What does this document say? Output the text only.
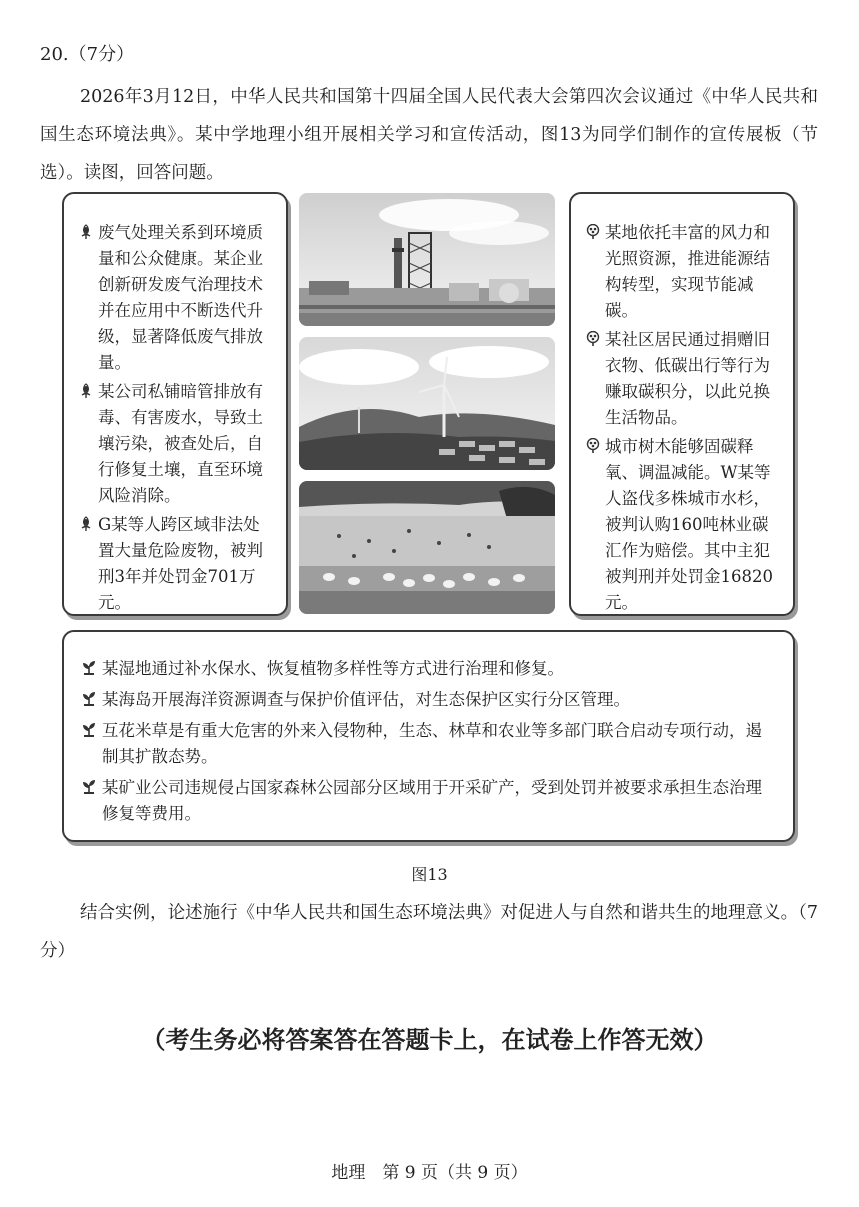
20.（7分）
2026年3月12日，中华人民共和国第十四届全国人民代表大会第四次会议通过《中华人民共和国生态环境法典》。某中学地理小组开展相关学习和宣传活动，图13为同学们制作的宣传展板（节选）。读图，回答问题。
废气处理关系到环境质量和公众健康。某企业创新研发废气治理技术并在应用中不断迭代升级，显著降低废气排放量。
某公司私铺暗管排放有毒、有害废水，导致土壤污染，被查处后，自行修复土壤，直至环境风险消除。
G某等人跨区域非法处置大量危险废物，被判刑3年并处罚金701万元。
某地依托丰富的风力和光照资源，推进能源结构转型，实现节能减碳。
某社区居民通过捐赠旧衣物、低碳出行等行为赚取碳积分，以此兑换生活物品。
城市树木能够固碳释氧、调温减能。W某等人盗伐多株城市水杉，被判认购160吨林业碳汇作为赔偿。其中主犯被判刑并处罚金16820元。
某湿地通过补水保水、恢复植物多样性等方式进行治理和修复。
某海岛开展海洋资源调查与保护价值评估，对生态保护区实行分区管理。
互花米草是有重大危害的外来入侵物种，生态、林草和农业等多部门联合启动专项行动，遏制其扩散态势。
某矿业公司违规侵占国家森林公园部分区域用于开采矿产，受到处罚并被要求承担生态治理修复等费用。
图13
结合实例，论述施行《中华人民共和国生态环境法典》对促进人与自然和谐共生的地理意义。（7分）
（考生务必将答案答在答题卡上，在试卷上作答无效）
地理　第 9 页（共 9 页）
